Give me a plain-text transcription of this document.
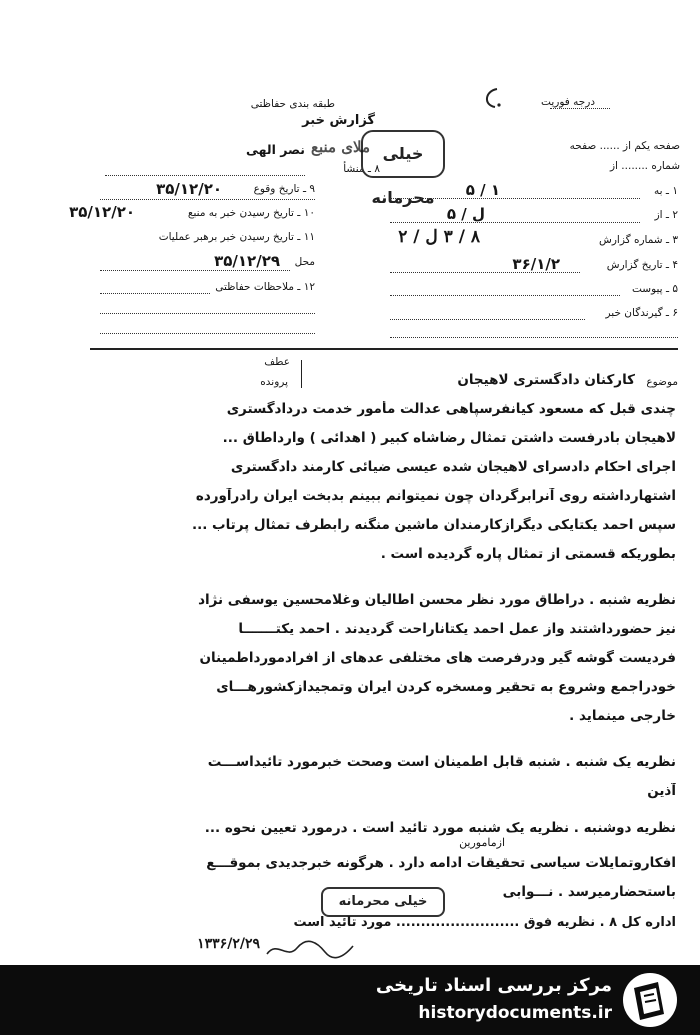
درجه فوریت
طبقه بندی حفاظتی
گزارش خبر
صفحه یکم از ...... صفحه
شماره ........ از
۸ ـ منشأ
نصر الهی	خیلی محرمانه
ملا‌ی منبع
۹ ـ تاریخ وقوع
۳۵/۱۲/۲۰
۱۰ ـ تاریخ رسیدن خبر به منبع
۳۵/۱۲/۲۰
۱۱ ـ تاریخ رسیدن خبر برهبر عملیات
محل
۳۵/۱۲/۲۹
۱۲ ـ ملاحظات حفاظتی
۱ ـ به
۱ / ۵
۲ ـ از
ل / ۵
۳ ـ شماره گزارش
۸ / ۳ ل / ۲
۴ ـ تاریخ گزارش
۳۶/۱/۲
۵ ـ پیوست
۶ ـ گیرندگان خبر
عطف
پرونده	موضوع
کارکنان دادگستری لاهیجان
چندی قبل که مسعود کیانفرسپاهی عدالت مأمور خدمت دردادگستری
لاهیجان بادرفست داشتن تمثال رضاشاه کبیر ( اهدائی ) وارداطاق ...
اجرای احکام دادسرای لاهیجان شده عیسی ضیائی کارمند دادگستری
اشتهارداشته روی آنرابرگردان چون نمیتوانم ببینم بدبخت ایران رادرآورده
سپس احمد یکتا‌یکی دیگرازکارمندان ماشین منگنه رابطرف تمثال پرتاب ...
بطوریکه قسمتی از تمثال پاره گردیده است .
نظریه شنبه . دراطاق مورد نظر محسن اطالیان وغلامحسین یوسفی نژاد
نیز حضورداشتند واز عمل احمد یکتاناراحت گردیدند . احمد یکتـــــــا
فردیست گوشه گیر ودرفرصت های مختلفی عدهای از افرادمورداطمینان
خودراجمع وشروع به تحقیر ومسخره کردن ایران وتمجیدازکشورهـــای
خارجی مینماید .
نظریه یک شنبه . شنبه قابل اطمینان است وصحت خبرمورد تائیداســـت
آذین
نظریه دوشنبه . نظریه یک شنبه مورد تائید است . درمورد تعیین نحوه ...
افکاروتمایلات سیاسی تحقیقات ادامه دارد . هرگونه خبرجدیدی بموقـــع
باستحضارمیرسد . نـــوابی
ازمامورین
خیلی محرمانه
اداره کل ۸ . نظریه فوق ......................... مورد تائید است
۱۳۳۶/۲/۲۹
مرکز بررسی اسناد تاریخی
historydocuments.ir
